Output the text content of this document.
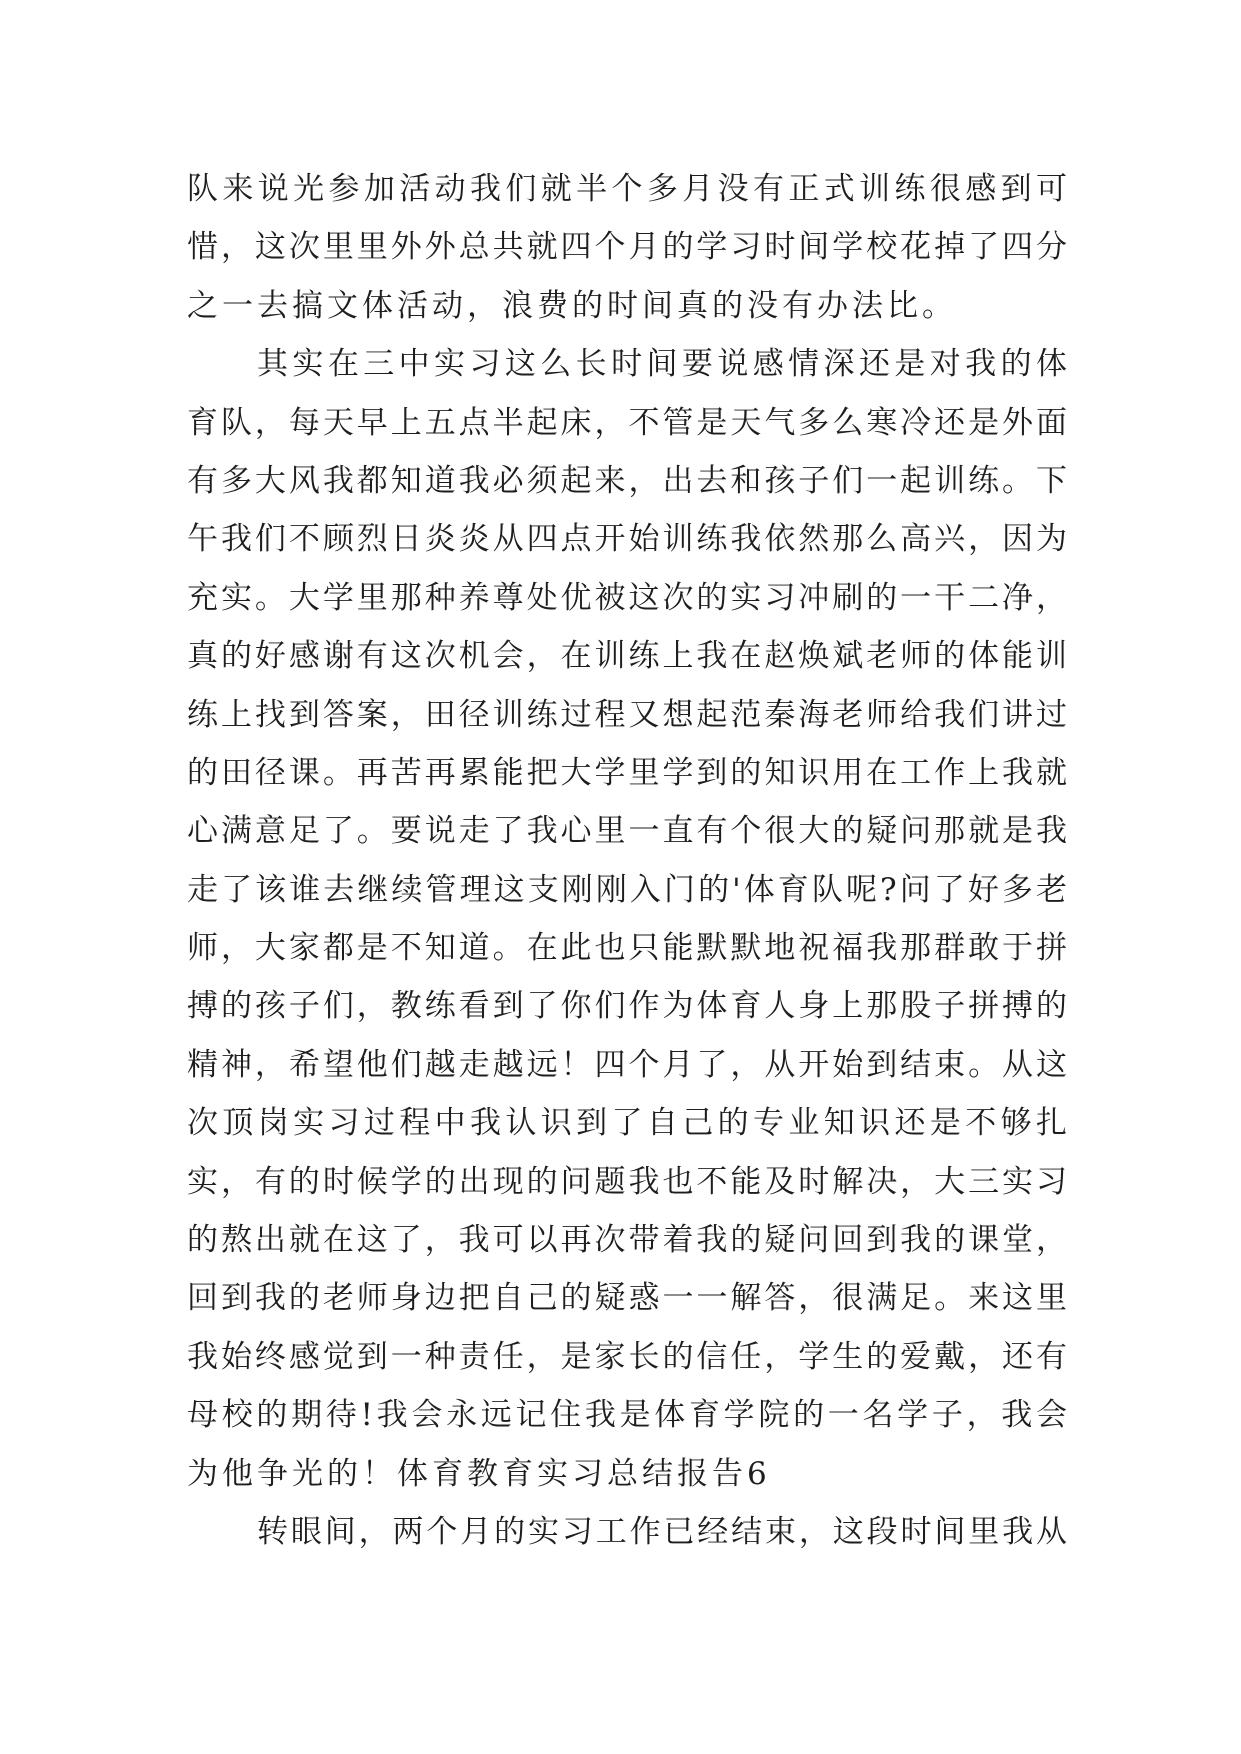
队来说光参加活动我们就半个多月没有正式训练很感到可
惜，这次里里外外总共就四个月的学习时间学校花掉了四分
之一去搞文体活动，浪费的时间真的没有办法比。
其实在三中实习这么长时间要说感情深还是对我的体
育队，每天早上五点半起床，不管是天气多么寒冷还是外面
有多大风我都知道我必须起来，出去和孩子们一起训练。下
午我们不顾烈日炎炎从四点开始训练我依然那么高兴，因为
充实。大学里那种养尊处优被这次的实习冲刷的一干二净，
真的好感谢有这次机会，在训练上我在赵焕斌老师的体能训
练上找到答案，田径训练过程又想起范秦海老师给我们讲过
的田径课。再苦再累能把大学里学到的知识用在工作上我就
心满意足了。要说走了我心里一直有个很大的疑问那就是我
走了该谁去继续管理这支刚刚入门的'体育队呢?问了好多老
师，大家都是不知道。在此也只能默默地祝福我那群敢于拼
搏的孩子们，教练看到了你们作为体育人身上那股子拼搏的
精神，希望他们越走越远！四个月了，从开始到结束。从这
次顶岗实习过程中我认识到了自己的专业知识还是不够扎
实，有的时候学的出现的问题我也不能及时解决，大三实习
的熬出就在这了，我可以再次带着我的疑问回到我的课堂，
回到我的老师身边把自己的疑惑一一解答，很满足。来这里
我始终感觉到一种责任，是家长的信任，学生的爱戴，还有
母校的期待!我会永远记住我是体育学院的一名学子，我会
为他争光的！体育教育实习总结报告6
转眼间，两个月的实习工作已经结束，这段时间里我从
